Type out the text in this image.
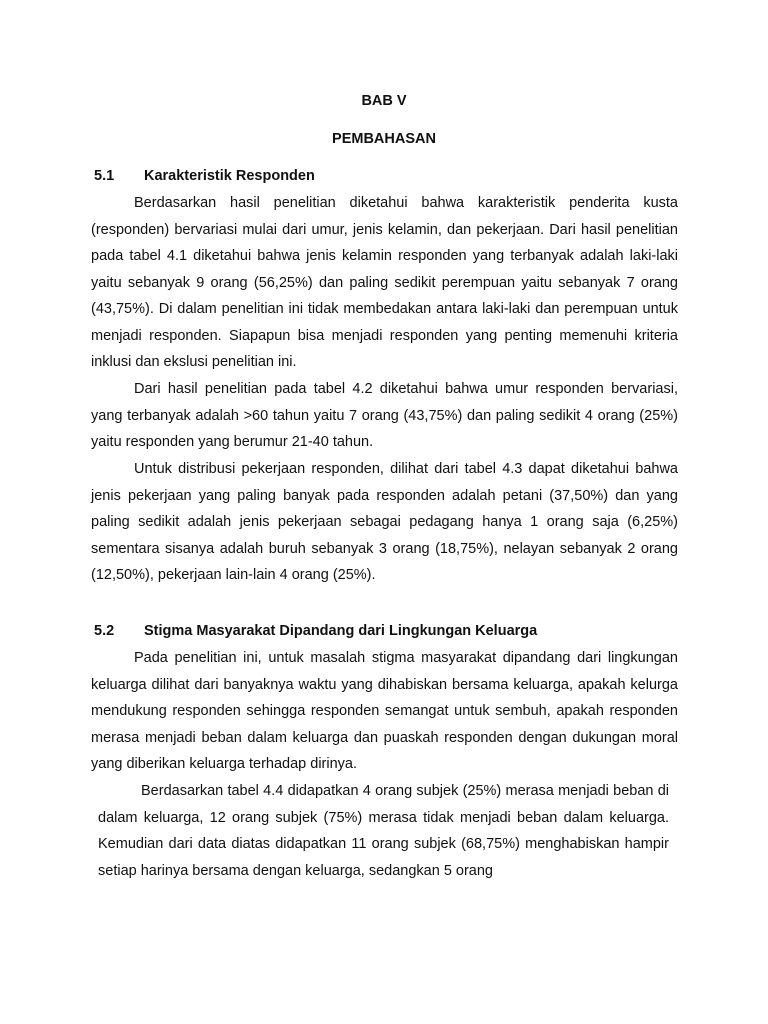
BAB V
PEMBAHASAN
5.1 Karakteristik Responden

Berdasarkan hasil penelitian diketahui bahwa karakteristik penderita kusta (responden) bervariasi mulai dari umur, jenis kelamin, dan pekerjaan. Dari hasil penelitian pada tabel 4.1 diketahui bahwa jenis kelamin responden yang terbanyak adalah laki-laki yaitu sebanyak 9 orang (56,25%) dan paling sedikit perempuan yaitu sebanyak 7 orang (43,75%). Di dalam penelitian ini tidak membedakan antara laki-laki dan perempuan untuk menjadi responden. Siapapun bisa menjadi responden yang penting memenuhi kriteria inklusi dan ekslusi penelitian ini.

Dari hasil penelitian pada tabel 4.2 diketahui bahwa umur responden bervariasi, yang terbanyak adalah >60 tahun yaitu 7 orang (43,75%) dan paling sedikit 4 orang (25%) yaitu responden yang berumur 21-40 tahun.

Untuk distribusi pekerjaan responden, dilihat dari tabel 4.3 dapat diketahui bahwa jenis pekerjaan yang paling banyak pada responden adalah petani (37,50%) dan yang paling sedikit adalah jenis pekerjaan sebagai pedagang hanya 1 orang saja (6,25%) sementara sisanya adalah buruh sebanyak 3 orang (18,75%), nelayan sebanyak 2 orang (12,50%), pekerjaan lain-lain 4 orang (25%).

5.2 Stigma Masyarakat Dipandang dari Lingkungan Keluarga

Pada penelitian ini, untuk masalah stigma masyarakat dipandang dari lingkungan keluarga dilihat dari banyaknya waktu yang dihabiskan bersama keluarga, apakah kelurga mendukung responden sehingga responden semangat untuk sembuh, apakah responden merasa menjadi beban dalam keluarga dan puaskah responden dengan dukungan moral yang diberikan keluarga terhadap dirinya.

Berdasarkan tabel 4.4 didapatkan 4 orang subjek (25%) merasa menjadi beban di dalam keluarga, 12 orang subjek (75%) merasa tidak menjadi beban dalam keluarga. Kemudian dari data diatas didapatkan 11 orang subjek (68,75%) menghabiskan hampir setiap harinya bersama dengan keluarga, sedangkan 5 orang
